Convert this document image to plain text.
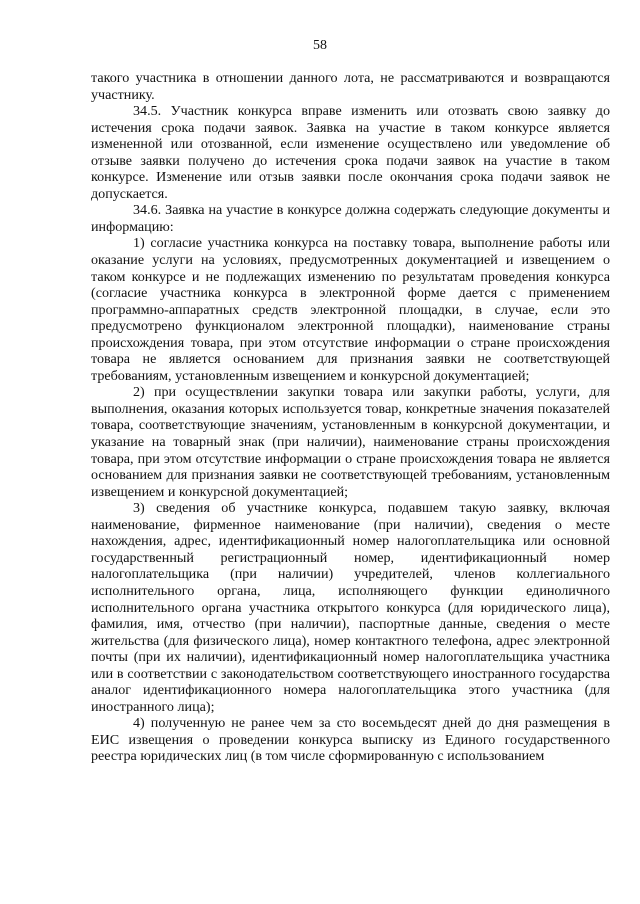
58

такого участника в отношении данного лота, не рассматриваются и возвращаются участнику.

34.5. Участник конкурса вправе изменить или отозвать свою заявку до истечения срока подачи заявок. Заявка на участие в таком конкурсе является измененной или отозванной, если изменение осуществлено или уведомление об отзыве заявки получено до истечения срока подачи заявок на участие в таком конкурсе. Изменение или отзыв заявки после окончания срока подачи заявок не допускается.

34.6. Заявка на участие в конкурсе должна содержать следующие документы и информацию:

1) согласие участника конкурса на поставку товара, выполнение работы или оказание услуги на условиях, предусмотренных документацией и извещением о таком конкурсе и не подлежащих изменению по результатам проведения конкурса (согласие участника конкурса в электронной форме дается с применением программно-аппаратных средств электронной площадки, в случае, если это предусмотрено функционалом электронной площадки), наименование страны происхождения товара, при этом отсутствие информации о стране происхождения товара не является основанием для признания заявки не соответствующей требованиям, установленным извещением и конкурсной документацией;

2) при осуществлении закупки товара или закупки работы, услуги, для выполнения, оказания которых используется товар, конкретные значения показателей товара, соответствующие значениям, установленным в конкурсной документации, и указание на товарный знак (при наличии), наименование страны происхождения товара, при этом отсутствие информации о стране происхождения товара не является основанием для признания заявки не соответствующей требованиям, установленным извещением и конкурсной документацией;

3) сведения об участнике конкурса, подавшем такую заявку, включая наименование, фирменное наименование (при наличии), сведения о месте нахождения, адрес, идентификационный номер налогоплательщика или основной государственный регистрационный номер, идентификационный номер налогоплательщика (при наличии) учредителей, членов коллегиального исполнительного органа, лица, исполняющего функции единоличного исполнительного органа участника открытого конкурса (для юридического лица), фамилия, имя, отчество (при наличии), паспортные данные, сведения о месте жительства (для физического лица), номер контактного телефона, адрес электронной почты (при их наличии), идентификационный номер налогоплательщика участника или в соответствии с законодательством соответствующего иностранного государства аналог идентификационного номера налогоплательщика этого участника (для иностранного лица);

4) полученную не ранее чем за сто восемьдесят дней до дня размещения в ЕИС извещения о проведении конкурса выписку из Единого государственного реестра юридических лиц (в том числе сформированную с использованием
